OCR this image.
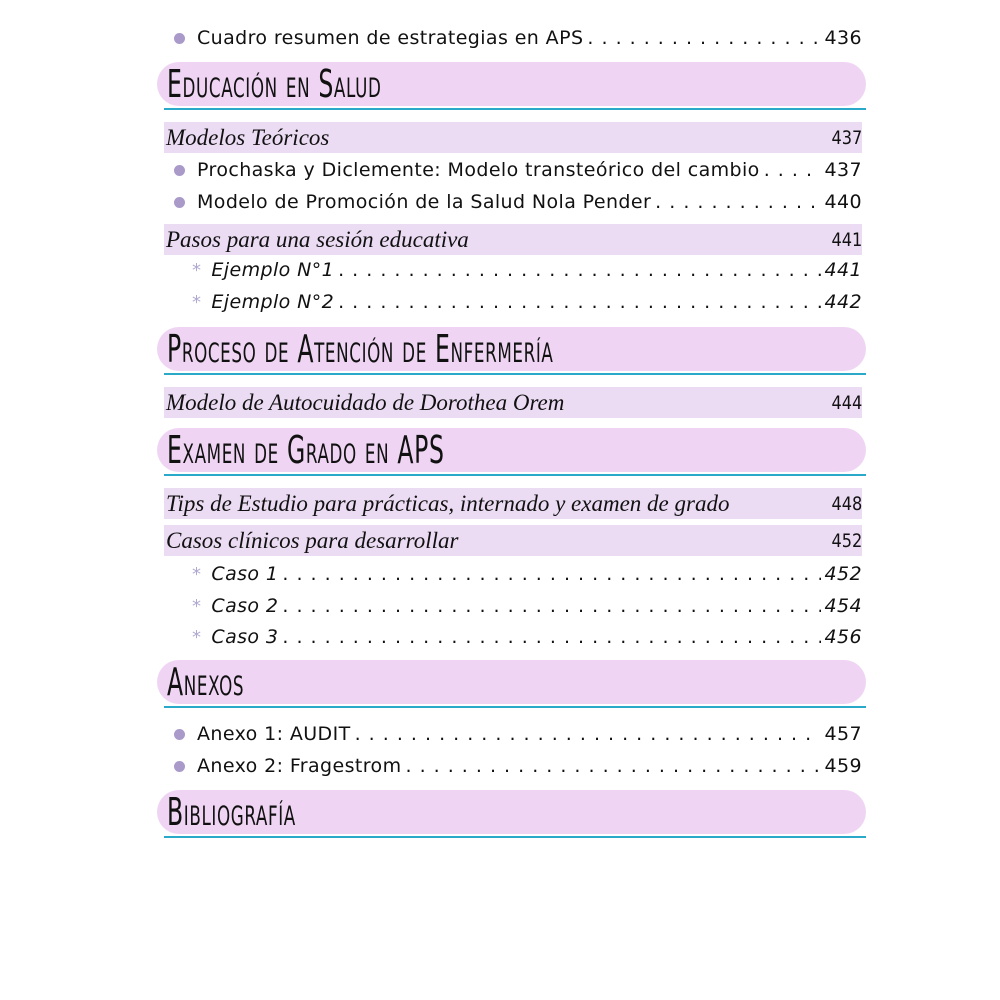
Cuadro resumen de estrategias en APS . . .	436
Educación en Salud
Modelos Teóricos	437
Prochaska y Diclemente: Modelo transteórico del cambio . . .	437
Modelo de Promoción de la Salud Nola Pender . . .	440
Pasos para una sesión educativa	441
* Ejemplo N°1 . . .	441
* Ejemplo N°2 . . .	442
Proceso de Atención de Enfermería
Modelo de Autocuidado de Dorothea Orem	444
Examen de Grado en APS
Tips de Estudio para prácticas, internado y examen de grado	448
Casos clínicos para desarrollar	452
* Caso 1 . . .	452
* Caso 2 . . .	454
* Caso 3 . . .	456
Anexos
Anexo 1: AUDIT . . .	457
Anexo 2: Fragestrom . . .	459
Bibliografía
